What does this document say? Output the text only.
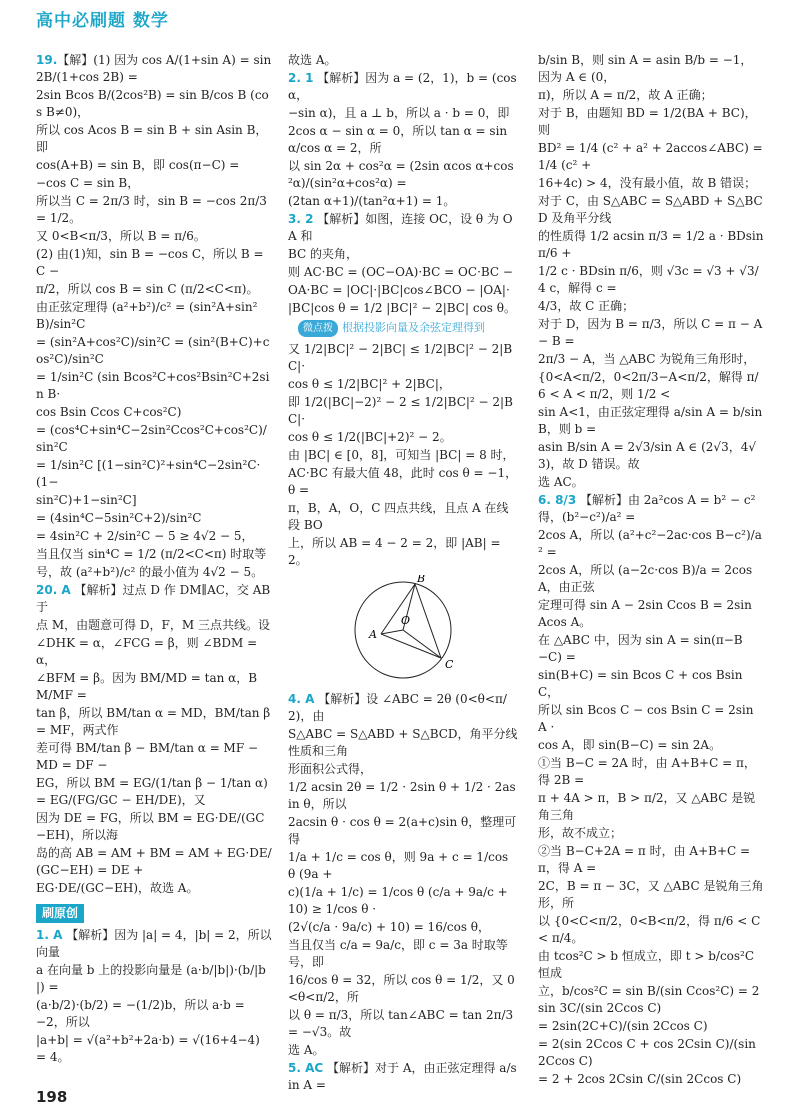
高中必刷题 数学

19.【解】(1) 因为 cos A/(1+sin A) = sin 2B/(1+cos 2B) =

2sin Bcos B/(2cos²B) = sin B/cos B (cos B≠0)，

所以 cos Acos B = sin B + sin Asin B，即

cos(A+B) = sin B，即 cos(π−C) =

−cos C = sin B，

所以当 C = 2π/3 时，sin B = −cos 2π/3 = 1/2。

又 0<B<π/3，所以 B = π/6。

(2) 由(1)知，sin B = −cos C，所以 B = C −

π/2，所以 cos B = sin C (π/2<C<π)。

由正弦定理得 (a²+b²)/c² = (sin²A+sin²B)/sin²C

= (sin²A+cos²C)/sin²C = (sin²(B+C)+cos²C)/sin²C

= 1/sin²C (sin Bcos²C+cos²Bsin²C+2sin B·

cos Bsin Ccos C+cos²C)

= (cos⁴C+sin⁴C−2sin²Ccos²C+cos²C)/sin²C

= 1/sin²C [(1−sin²C)²+sin⁴C−2sin²C·(1−

sin²C)+1−sin²C]

= (4sin⁴C−5sin²C+2)/sin²C

= 4sin²C + 2/sin²C − 5 ≥ 4√2 − 5，

当且仅当 sin⁴C = 1/2 (π/2<C<π) 时取等

号，故 (a²+b²)/c² 的最小值为 4√2 − 5。

20. A 【解析】过点 D 作 DM∥AC，交 AB 于

点 M，由题意可得 D，F，M 三点共线。设

∠DHK = α，∠FCG = β，则 ∠BDM = α，

∠BFM = β。因为 BM/MD = tan α，BM/MF =

tan β，所以 BM/tan α = MD，BM/tan β = MF，两式作

差可得 BM/tan β − BM/tan α = MF − MD = DF −

EG，所以 BM = EG/(1/tan β − 1/tan α) = EG/(FG/GC − EH/DE)，又

因为 DE = FG，所以 BM = EG·DE/(GC−EH)，所以海

岛的高 AB = AM + BM = AM + EG·DE/(GC−EH) = DE +

EG·DE/(GC−EH)，故选 A。

刷原创

1. A 【解析】因为 |a| = 4，|b| = 2，所以向量

a 在向量 b 上的投影向量是 (a·b/|b|)·(b/|b|) =

(a·b/2)·(b/2) = −(1/2)b，所以 a·b = −2，所以

|a+b| = √(a²+b²+2a·b) = √(16+4−4) = 4。

故选 A。

2. 1 【解析】因为 a = (2，1)，b = (cos α，

−sin α)，且 a ⊥ b，所以 a · b = 0，即

2cos α − sin α = 0，所以 tan α = sin α/cos α = 2，所

以 sin 2α + cos²α = (2sin αcos α+cos²α)/(sin²α+cos²α) =

(2tan α+1)/(tan²α+1) = 1。

3. 2 【解析】如图，连接 OC，设 θ 为 OA 和

BC 的夹角，

则 AC·BC = (OC−OA)·BC = OC·BC −

OA·BC = |OC|·|BC|cos∠BCO − |OA|·

|BC|cos θ = 1/2 |BC|² − 2|BC| cos θ。

微点拨 根据投影向量及余弦定理得到

又 1/2|BC|² − 2|BC| ≤ 1/2|BC|² − 2|BC|·

cos θ ≤ 1/2|BC|² + 2|BC|，

即 1/2(|BC|−2)² − 2 ≤ 1/2|BC|² − 2|BC|·

cos θ ≤ 1/2(|BC|+2)² − 2。

由 |BC| ∈ [0，8]，可知当 |BC| = 8 时，

AC·BC 有最大值 48，此时 cos θ = −1，θ =

π，B，A，O，C 四点共线，且点 A 在线段 BO

上，所以 AB = 4 − 2 = 2，即 |AB| = 2。

B
A
O
C

4. A 【解析】设 ∠ABC = 2θ (0<θ<π/2)，由

S△ABC = S△ABD + S△BCD，角平分线性质和三角

形面积公式得，

1/2 acsin 2θ = 1/2 · 2sin θ + 1/2 · 2asin θ，所以

2acsin θ · cos θ = 2(a+c)sin θ，整理可得

1/a + 1/c = cos θ，则 9a + c = 1/cos θ (9a +

c)(1/a + 1/c) = 1/cos θ (c/a + 9a/c + 10) ≥ 1/cos θ ·

(2√(c/a · 9a/c) + 10) = 16/cos θ，

当且仅当 c/a = 9a/c，即 c = 3a 时取等号，即

16/cos θ = 32，所以 cos θ = 1/2，又 0<θ<π/2，所

以 θ = π/3，所以 tan∠ABC = tan 2π/3 = −√3。故

选 A。

5. AC 【解析】对于 A，由正弦定理得 a/sin A =

b/sin B，则 sin A = asin B/b = −1，因为 A ∈ (0，

π)，所以 A = π/2，故 A 正确；

对于 B，由题知 BD = 1/2(BA + BC)，则

BD² = 1/4 (c² + a² + 2accos∠ABC) = 1/4 (c² +

16+4c) > 4，没有最小值，故 B 错误；

对于 C，由 S△ABC = S△ABD + S△BCD 及角平分线

的性质得 1/2 acsin π/3 = 1/2 a · BDsin π/6 +

1/2 c · BDsin π/6，则 √3c = √3 + √3/4 c，解得 c =

4/3，故 C 正确；

对于 D，因为 B = π/3，所以 C = π − A − B =

2π/3 − A，当 △ABC 为锐角三角形时，

{0<A<π/2，0<2π/3−A<π/2，解得 π/6 < A < π/2，则 1/2 <

sin A<1，由正弦定理得 a/sin A = b/sin B，则 b =

asin B/sin A = 2√3/sin A ∈ (2√3，4√3)，故 D 错误。故

选 AC。

6. 8/3 【解析】由 2a²cos A = b² − c² 得，(b²−c²)/a² =

2cos A，所以 (a²+c²−2ac·cos B−c²)/a² =

2cos A，所以 (a−2c·cos B)/a = 2cos A，由正弦

定理可得 sin A − 2sin Ccos B = 2sin Acos A。

在 △ABC 中，因为 sin A = sin(π−B−C) =

sin(B+C) = sin Bcos C + cos Bsin C，

所以 sin Bcos C − cos Bsin C = 2sin A ·

cos A，即 sin(B−C) = sin 2A。

①当 B−C = 2A 时，由 A+B+C = π，得 2B =

π + 4A > π，B > π/2，又 △ABC 是锐角三角

形，故不成立；

②当 B−C+2A = π 时，由 A+B+C = π，得 A =

2C，B = π − 3C，又 △ABC 是锐角三角形，所

以 {0<C<π/2，0<B<π/2，得 π/6 < C < π/4。

由 tcos²C > b 恒成立，即 t > b/cos²C 恒成

立，b/cos²C = sin B/(sin Ccos²C) = 2sin 3C/(sin 2Ccos C)

= 2sin(2C+C)/(sin 2Ccos C)

= 2(sin 2Ccos C + cos 2Csin C)/(sin 2Ccos C)

= 2 + 2cos 2Csin C/(sin 2Ccos C)

198
